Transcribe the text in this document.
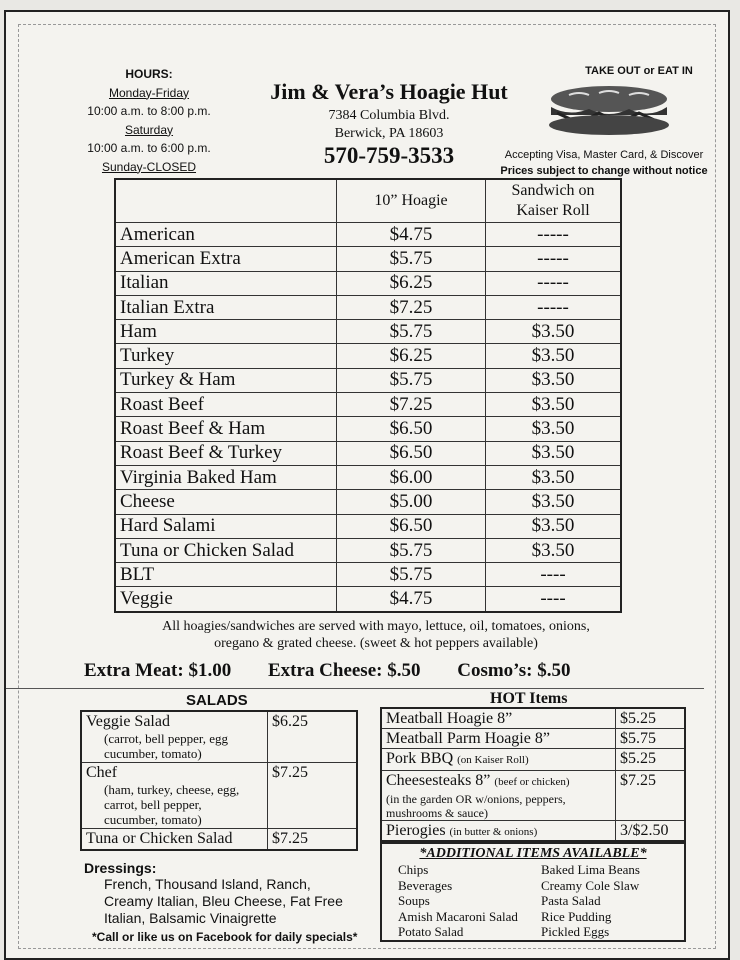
HOURS:
Monday-Friday
10:00 a.m. to 8:00 p.m.
Saturday
10:00 a.m. to 6:00 p.m.
Sunday-CLOSED
Jim & Vera’s Hoagie Hut
7384 Columbia Blvd.
Berwick, PA 18603
570-759-3533
TAKE OUT or EAT IN
Accepting Visa, Master Card, & Discover
Prices subject to change without notice
	10” Hoagie	Sandwich on Kaiser Roll
American	$4.75	-----
American Extra	$5.75	-----
Italian	$6.25	-----
Italian Extra	$7.25	-----
Ham	$5.75	$3.50
Turkey	$6.25	$3.50
Turkey & Ham	$5.75	$3.50
Roast Beef	$7.25	$3.50
Roast Beef & Ham	$6.50	$3.50
Roast Beef & Turkey	$6.50	$3.50
Virginia Baked Ham	$6.00	$3.50
Cheese	$5.00	$3.50
Hard Salami	$6.50	$3.50
Tuna or Chicken Salad	$5.75	$3.50
BLT	$5.75	----
Veggie	$4.75	----
All hoagies/sandwiches are served with mayo, lettuce, oil, tomatoes, onions,
oregano & grated cheese. (sweet & hot peppers available)
Extra Meat: $1.00 Extra Cheese: $.50 Cosmo’s: $.50
SALADS
Veggie Salad
(carrot, bell pepper, egg
cucumber, tomato)	$6.25

Chef
(ham, turkey, cheese, egg,
carrot, bell pepper,
cucumber, tomato)	$7.25

Tuna or Chicken Salad	$7.25
Dressings:
French, Thousand Island, Ranch,
Creamy Italian, Bleu Cheese, Fat Free
Italian, Balsamic Vinaigrette
*Call or like us on Facebook for daily specials*
HOT Items
Meatball Hoagie 8”	$5.25
Meatball Parm Hoagie 8”	$5.75
Pork BBQ (on Kaiser Roll)	$5.25
Cheesesteaks 8” (beef or chicken)
(in the garden OR w/onions, peppers, mushrooms & sauce)	$7.25
Pierogies (in butter & onions)	3/$2.50
*ADDITIONAL ITEMS AVAILABLE*
Chips
Beverages
Soups
Amish Macaroni Salad
Potato Salad
Baked Lima Beans
Creamy Cole Slaw
Pasta Salad
Rice Pudding
Pickled Eggs
